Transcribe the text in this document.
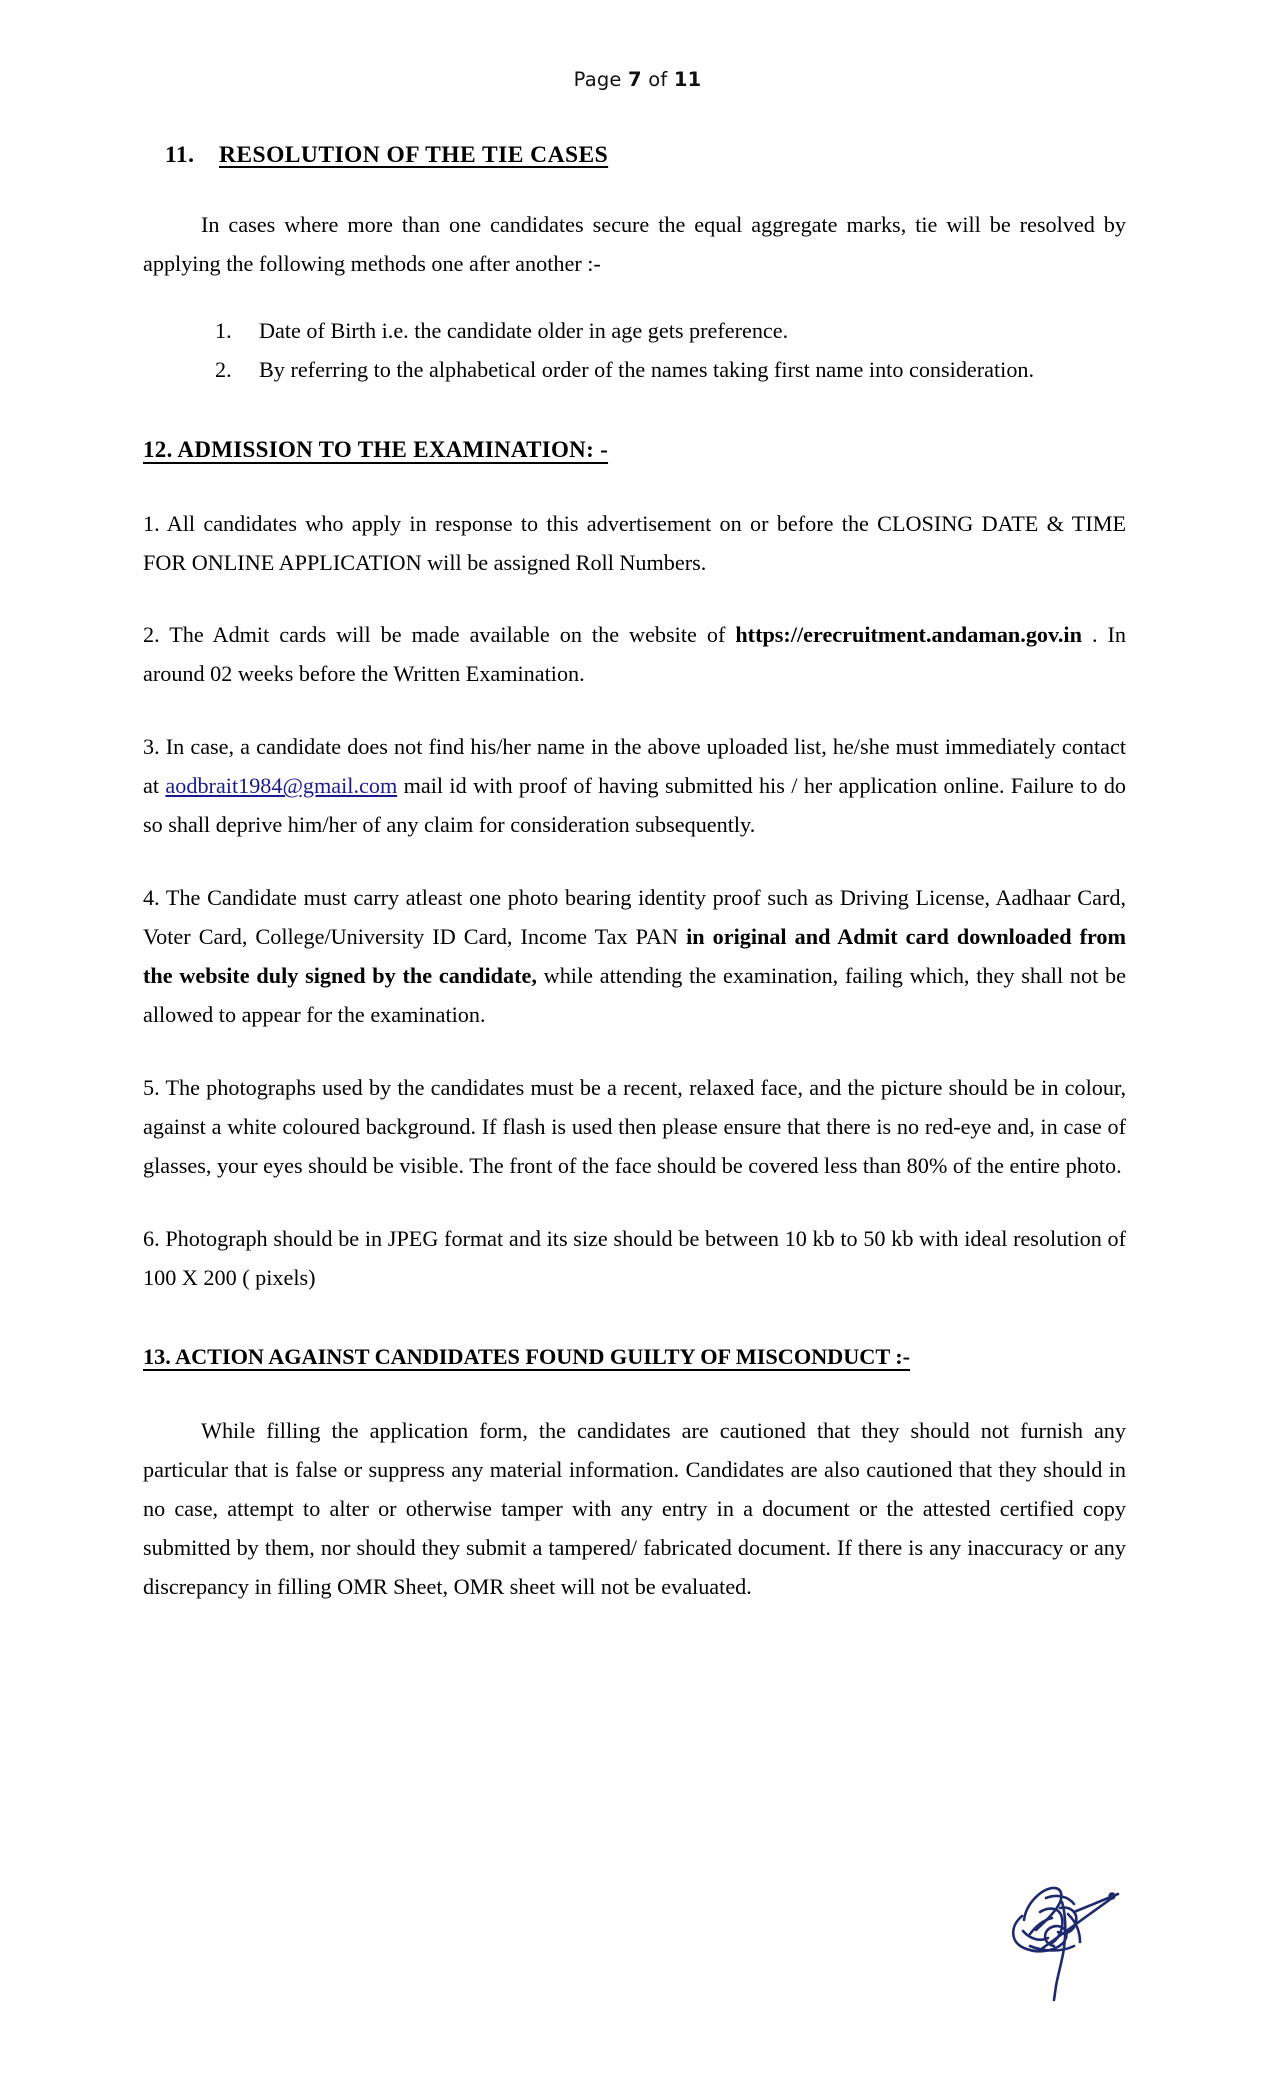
Page 7 of 11
11. RESOLUTION OF THE TIE CASES

In cases where more than one candidates secure the equal aggregate marks, tie will be resolved by applying the following methods one after another :-

Date of Birth i.e. the candidate older in age gets preference.
By referring to the alphabetical order of the names taking first name into consideration.
12. ADMISSION TO THE EXAMINATION: -

1. All candidates who apply in response to this advertisement on or before the CLOSING DATE & TIME FOR ONLINE APPLICATION will be assigned Roll Numbers.

2. The Admit cards will be made available on the website of https://erecruitment.andaman.gov.in . In around 02 weeks before the Written Examination.

3. In case, a candidate does not find his/her name in the above uploaded list, he/she must immediately contact at aodbrait1984@gmail.com mail id with proof of having submitted his / her application online. Failure to do so shall deprive him/her of any claim for consideration subsequently.

4. The Candidate must carry atleast one photo bearing identity proof such as Driving License, Aadhaar Card, Voter Card, College/University ID Card, Income Tax PAN in original and Admit card downloaded from the website duly signed by the candidate, while attending the examination, failing which, they shall not be allowed to appear for the examination.

5. The photographs used by the candidates must be a recent, relaxed face, and the picture should be in colour, against a white coloured background. If flash is used then please ensure that there is no red-eye and, in case of glasses, your eyes should be visible. The front of the face should be covered less than 80% of the entire photo.

6. Photograph should be in JPEG format and its size should be between 10 kb to 50 kb with ideal resolution of 100 X 200 ( pixels)

13. ACTION AGAINST CANDIDATES FOUND GUILTY OF MISCONDUCT :-

While filling the application form, the candidates are cautioned that they should not furnish any particular that is false or suppress any material information. Candidates are also cautioned that they should in no case, attempt to alter or otherwise tamper with any entry in a document or the attested certified copy submitted by them, nor should they submit a tampered/ fabricated document. If there is any inaccuracy or any discrepancy in filling OMR Sheet, OMR sheet will not be evaluated.
